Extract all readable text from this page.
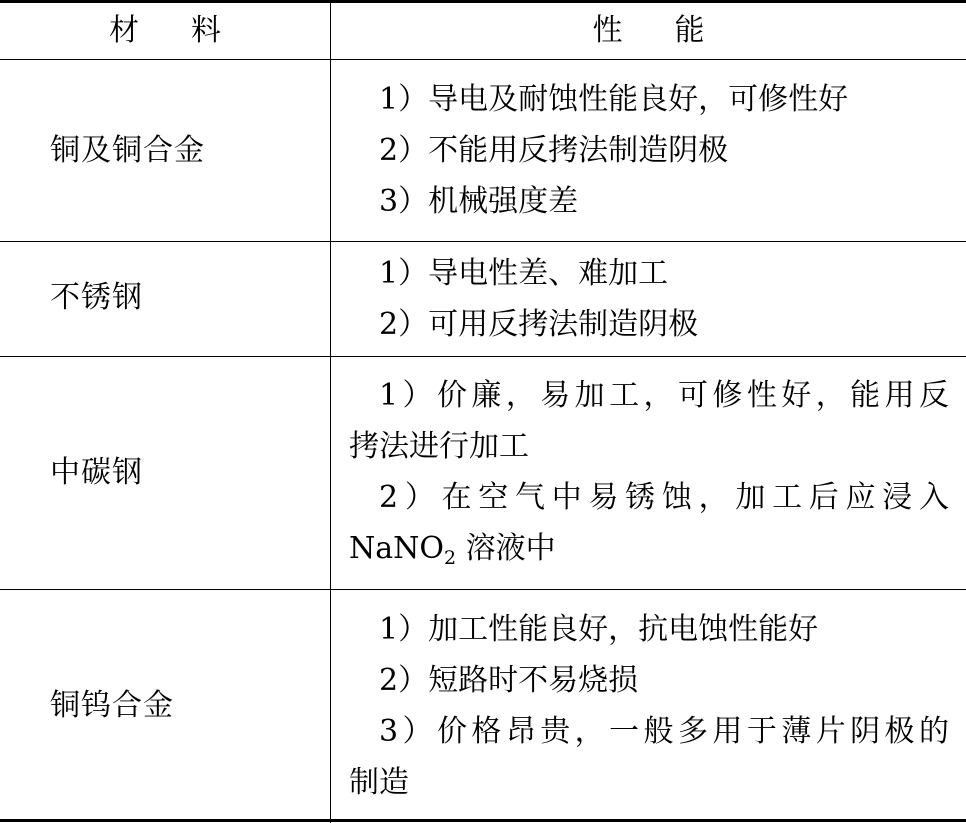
材料	性能
铜及铜合金
1）导电及耐蚀性能良好，可修性好
2）不能用反拷法制造阴极
3）机械强度差
不锈钢
1）导电性差、难加工
2）可用反拷法制造阴极
中碳钢
1）价廉，易加工，可修性好，能用反
拷法进行加工
2）在空气中易锈蚀，加工后应浸入
NaNO$_2$ 溶液中
铜钨合金
1）加工性能良好，抗电蚀性能好
2）短路时不易烧损
3）价格昂贵，一般多用于薄片阴极的
制造
